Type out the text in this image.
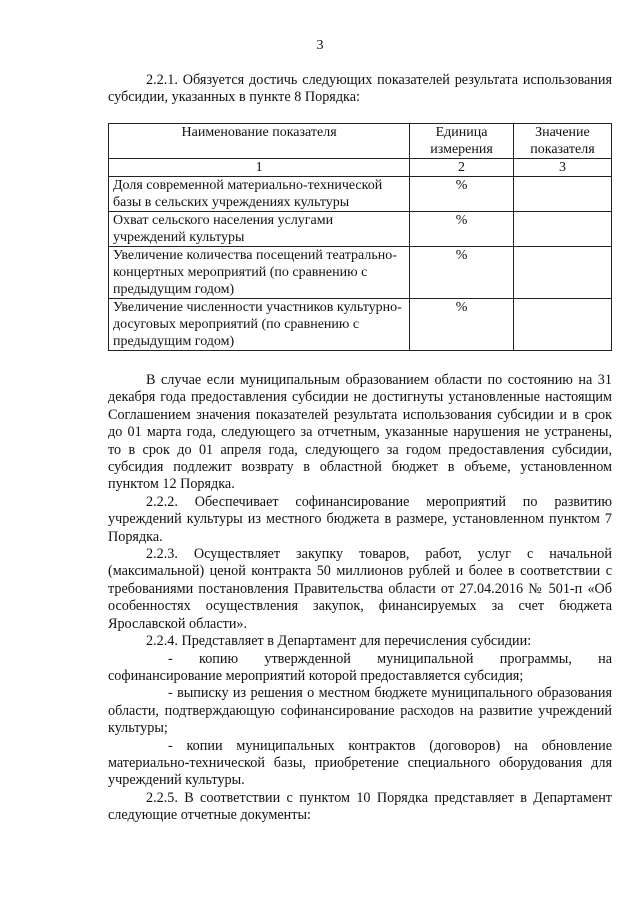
3

2.2.1. Обязуется достичь следующих показателей результата использования субсидии, указанных в пункте 8 Порядка:

Наименование показателя	Единица измерения	Значение показателя
1	2	3
Доля современной материально-технической базы в сельских учреждениях культуры	%	
Охват сельского населения услугами учреждений культуры	%	
Увеличение количества посещений театрально-концертных мероприятий (по сравнению с предыдущим годом)	%	
Увеличение численности участников культурно-досуговых мероприятий (по сравнению с предыдущим годом)	%	

В случае если муниципальным образованием области по состоянию на 31 декабря года предоставления субсидии не достигнуты установленные настоящим Соглашением значения показателей результата использования субсидии и в срок до 01 марта года, следующего за отчетным, указанные нарушения не устранены, то в срок до 01 апреля года, следующего за годом предоставления субсидии, субсидия подлежит возврату в областной бюджет в объеме, установленном пунктом 12 Порядка.

2.2.2. Обеспечивает софинансирование мероприятий по развитию учреждений культуры из местного бюджета в размере, установленном пунктом 7 Порядка.

2.2.3. Осуществляет закупку товаров, работ, услуг с начальной (максимальной) ценой контракта 50 миллионов рублей и более в соответствии с требованиями постановления Правительства области от 27.04.2016 № 501-п «Об особенностях осуществления закупок, финансируемых за счет бюджета Ярославской области».

2.2.4. Представляет в Департамент для перечисления субсидии:

- копию утвержденной муниципальной программы, на софинансирование мероприятий которой предоставляется субсидия;

- выписку из решения о местном бюджете муниципального образования области, подтверждающую софинансирование расходов на развитие учреждений культуры;

- копии муниципальных контрактов (договоров) на обновление материально-технической базы, приобретение специального оборудования для учреждений культуры.

2.2.5. В соответствии с пунктом 10 Порядка представляет в Департамент следующие отчетные документы:
